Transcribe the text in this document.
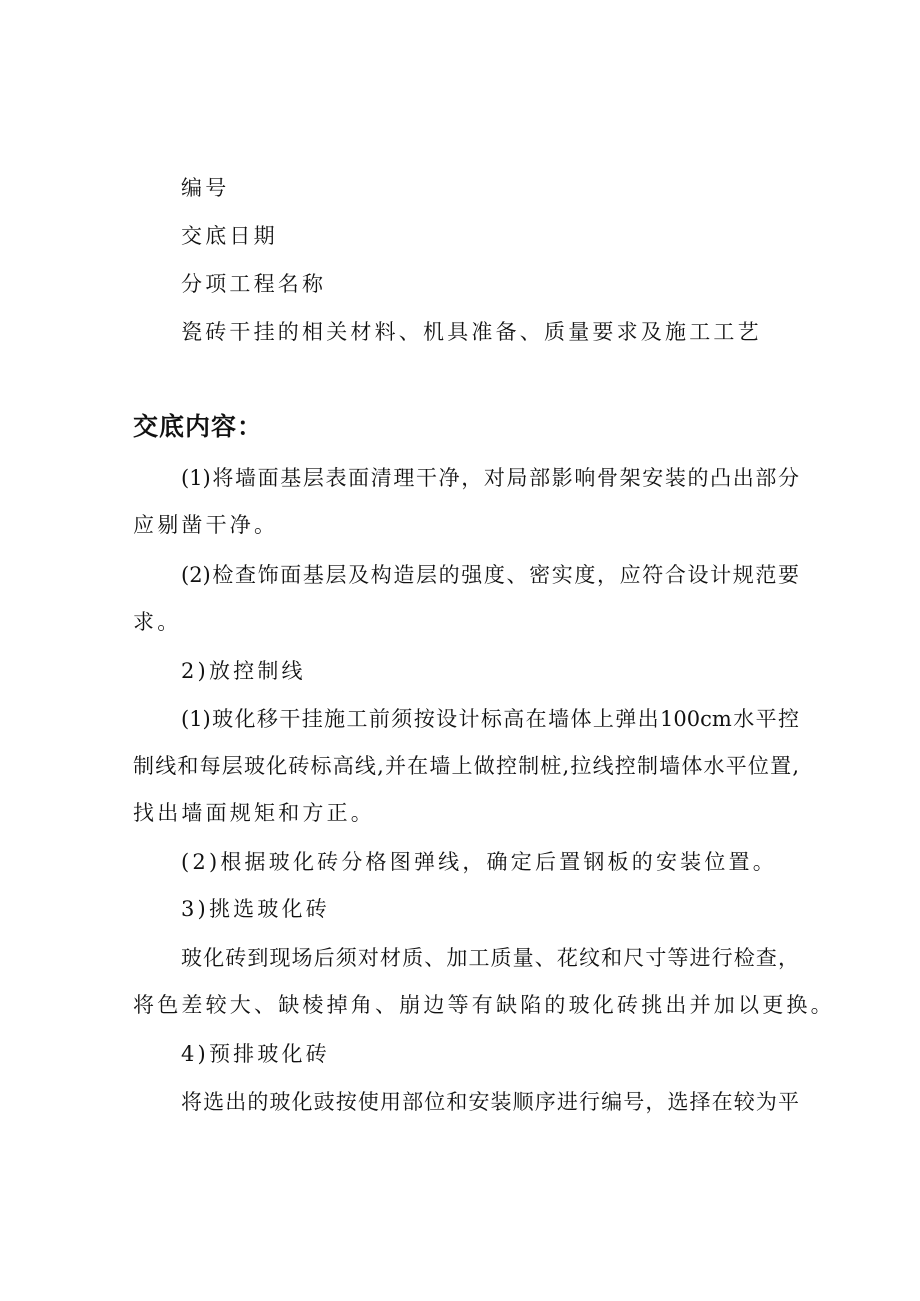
编号
交底日期
分项工程名称
瓷砖干挂的相关材料、机具准备、质量要求及施工工艺
交底内容：
(1)将墙面基层表面清理干净，对局部影响骨架安装的凸出部分
应剔凿干净。
(2)检查饰面基层及构造层的强度、密实度，应符合设计规范要
求。
2)放控制线
(1)玻化移干挂施工前须按设计标高在墙体上弹出100cm水平控
制线和每层玻化砖标高线,并在墙上做控制桩,拉线控制墙体水平位置,
找出墙面规矩和方正。
(2)根据玻化砖分格图弹线，确定后置钢板的安装位置。
3)挑选玻化砖
玻化砖到现场后须对材质、加工质量、花纹和尺寸等进行检查，
将色差较大、缺棱掉角、崩边等有缺陷的玻化砖挑出并加以更换。
4)预排玻化砖
将选出的玻化豉按使用部位和安装顺序进行编号，选择在较为平
